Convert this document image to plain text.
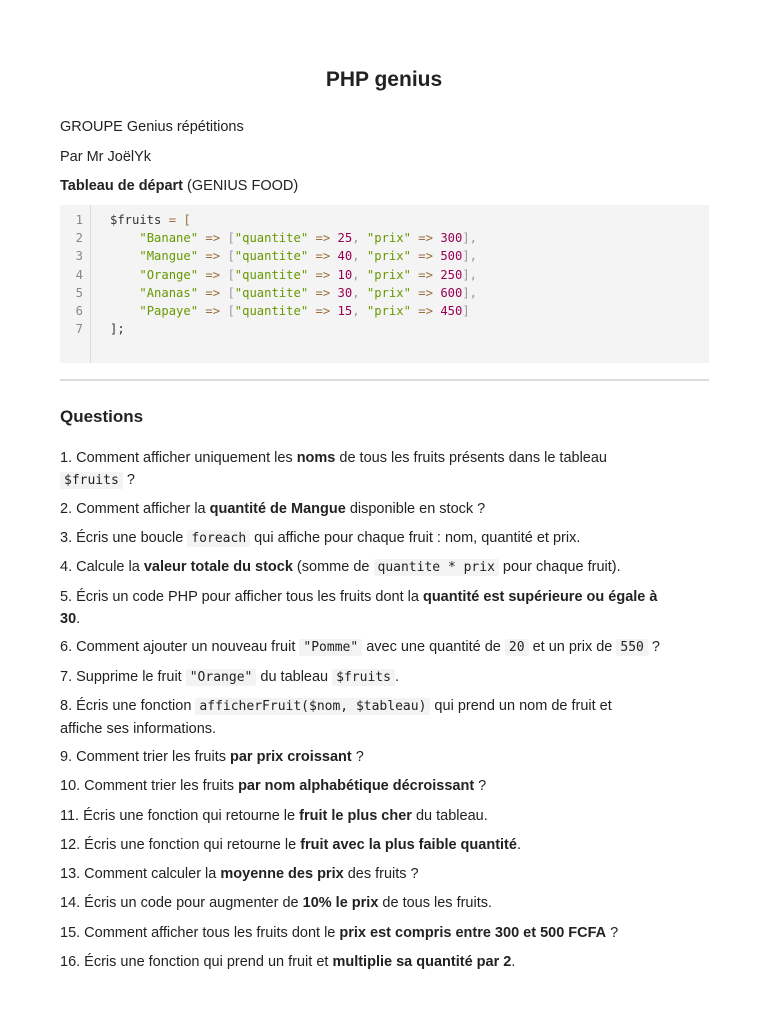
PHP genius
GROUPE Genius répétitions
Par Mr JoëlYk
Tableau de départ (GENIUS FOOD)
1
2
3
4
5
6
7
$fruits = [
"Banane" => ["quantite" => 25, "prix" => 300],
"Mangue" => ["quantite" => 40, "prix" => 500],
"Orange" => ["quantite" => 10, "prix" => 250],
"Ananas" => ["quantite" => 30, "prix" => 600],
"Papaye" => ["quantite" => 15, "prix" => 450]
];
Questions
1. Comment afficher uniquement les noms de tous les fruits présents dans le tableau
$fruits ?
2. Comment afficher la quantité de Mangue disponible en stock ?
3. Écris une boucle foreach qui affiche pour chaque fruit : nom, quantité et prix.
4. Calcule la valeur totale du stock (somme de quantite * prix pour chaque fruit).
5. Écris un code PHP pour afficher tous les fruits dont la quantité est supérieure ou égale à
30.
6. Comment ajouter un nouveau fruit "Pomme" avec une quantité de 20 et un prix de 550 ?
7. Supprime le fruit "Orange" du tableau $fruits .
8. Écris une fonction afficherFruit($nom, $tableau) qui prend un nom de fruit et
affiche ses informations.
9. Comment trier les fruits par prix croissant ?
10. Comment trier les fruits par nom alphabétique décroissant ?
11. Écris une fonction qui retourne le fruit le plus cher du tableau.
12. Écris une fonction qui retourne le fruit avec la plus faible quantité.
13. Comment calculer la moyenne des prix des fruits ?
14. Écris un code pour augmenter de 10% le prix de tous les fruits.
15. Comment afficher tous les fruits dont le prix est compris entre 300 et 500 FCFA ?
16. Écris une fonction qui prend un fruit et multiplie sa quantité par 2.
